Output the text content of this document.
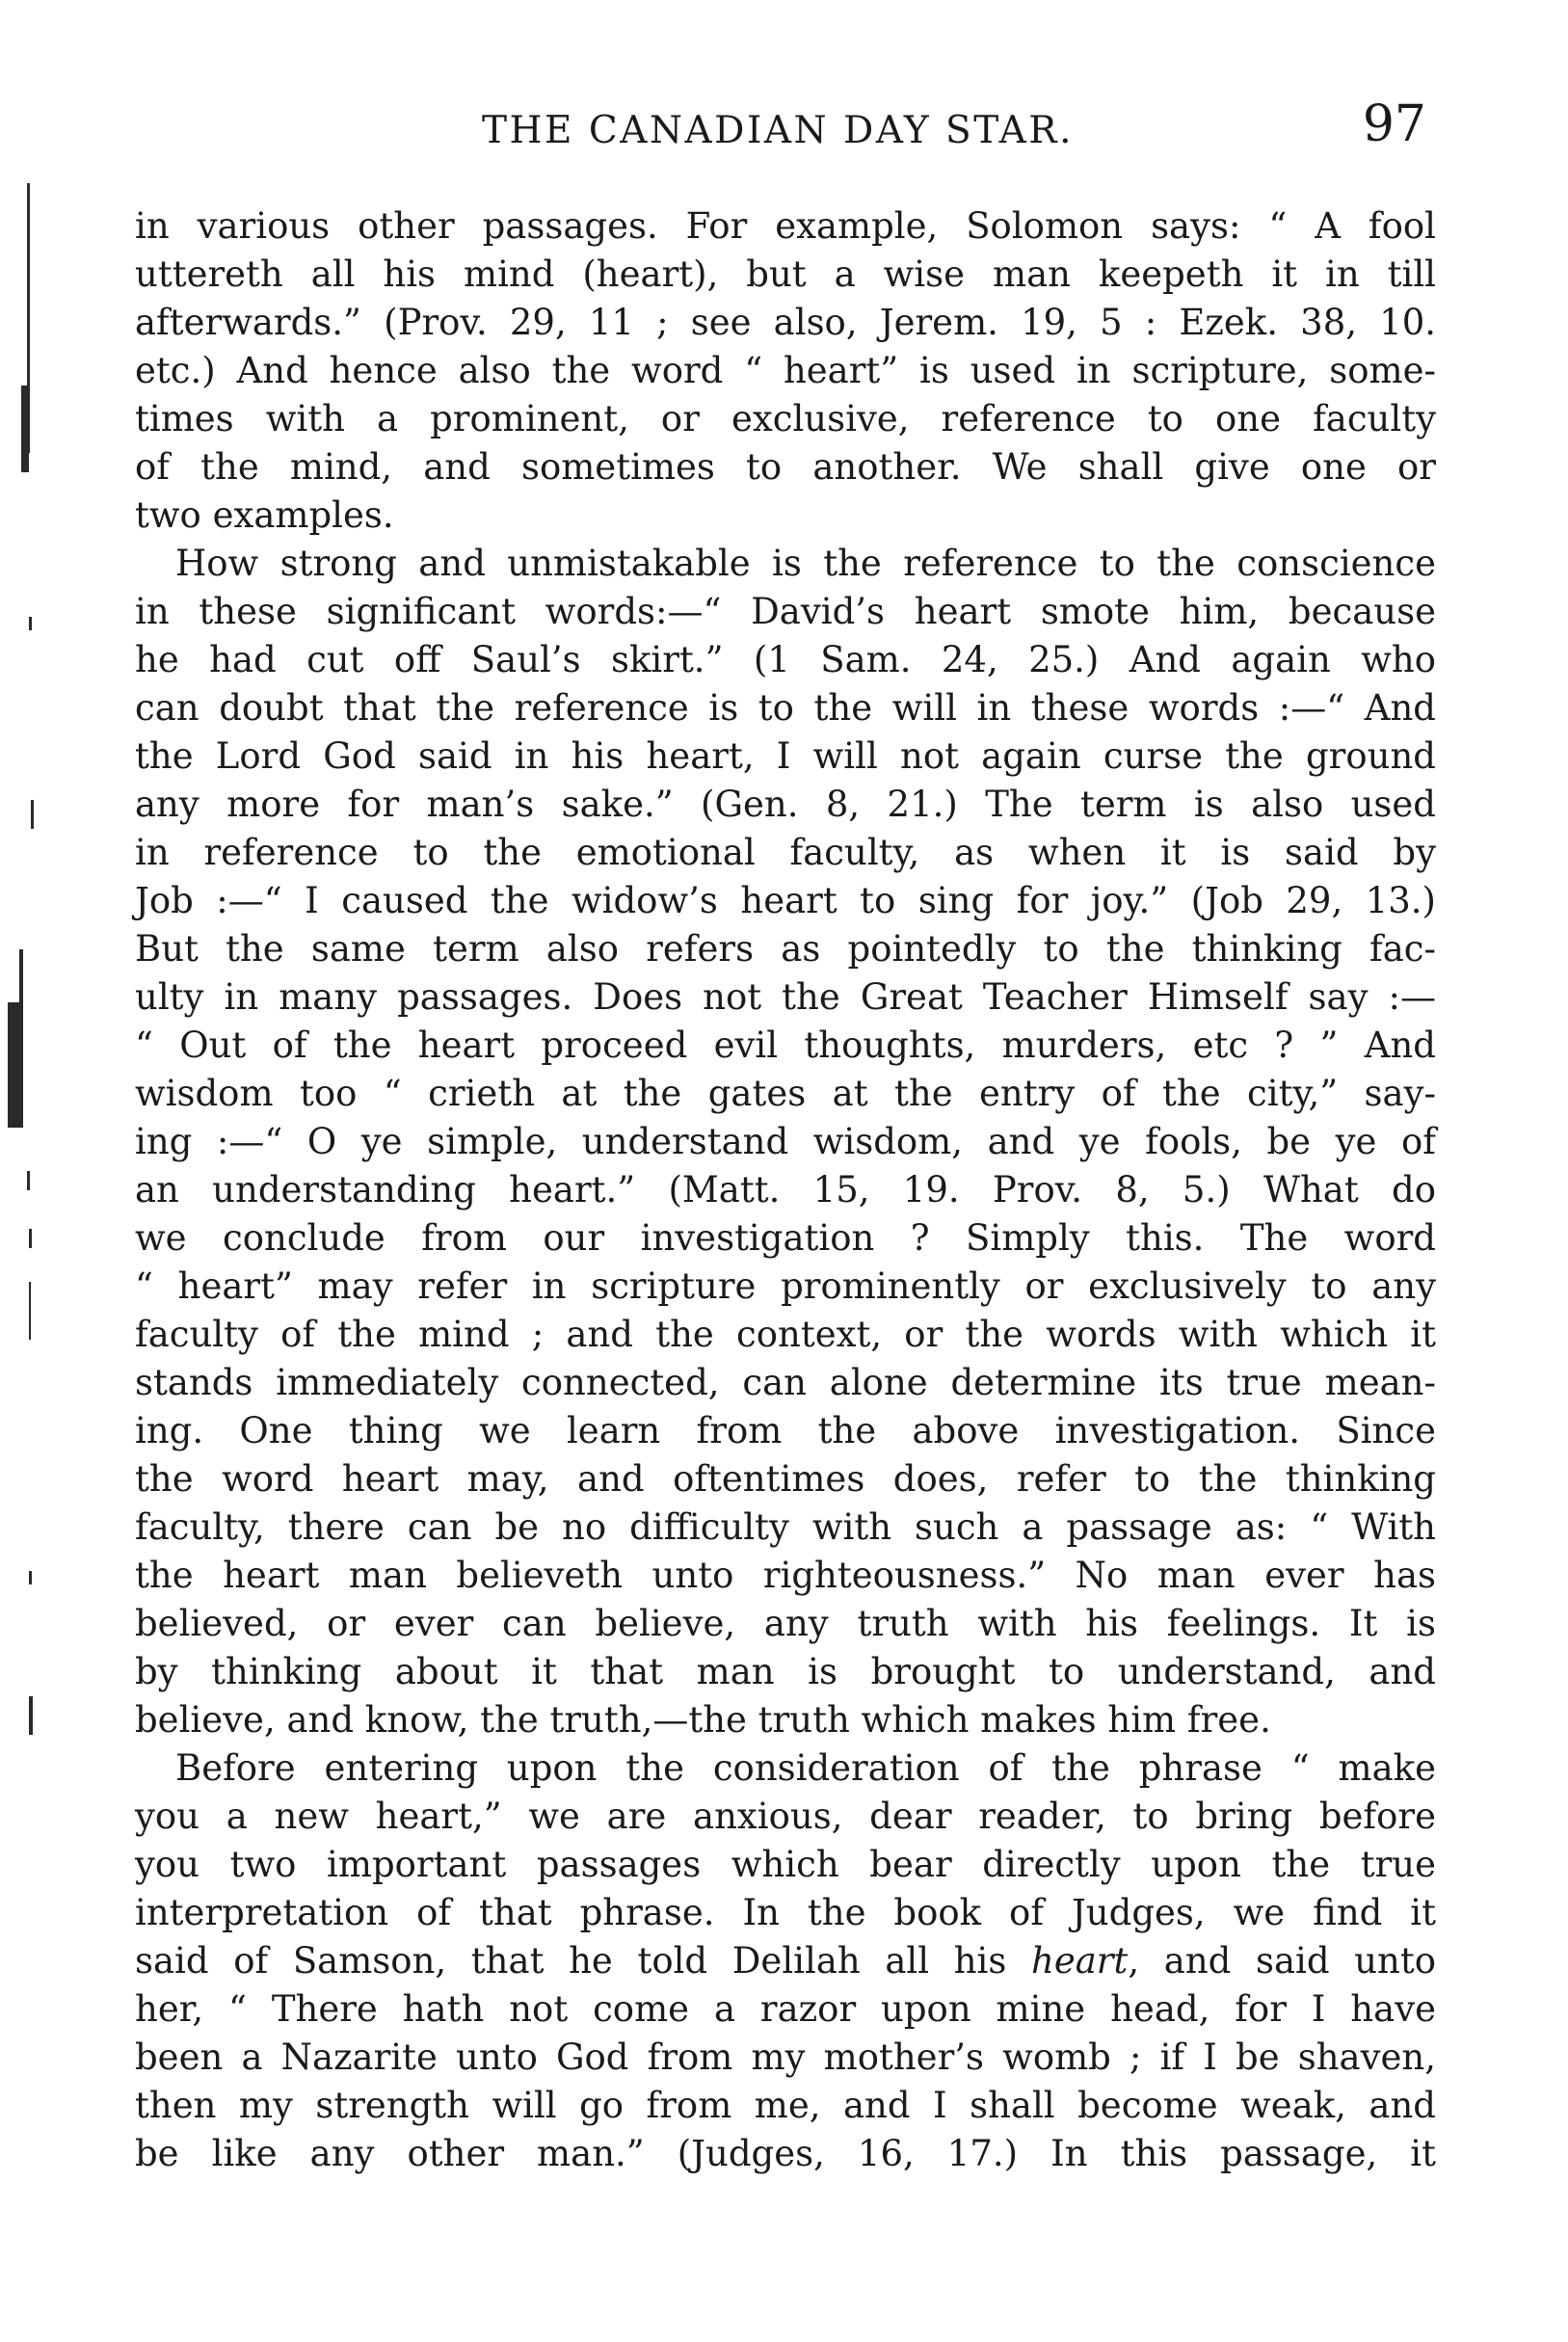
THE CANADIAN DAY STAR.	97
in various other passages. For example, Solomon says: “ A fool
uttereth all his mind (heart), but a wise man keepeth it in till
afterwards.” (Prov. 29, 11 ; see also, Jerem. 19, 5 : Ezek. 38, 10.
etc.) And hence also the word “ heart” is used in scripture, some-
times with a prominent, or exclusive, reference to one faculty
of the mind, and sometimes to another. We shall give one or
two examples.
How strong and unmistakable is the reference to the conscience
in these significant words:—“ David’s heart smote him, because
he had cut off Saul’s skirt.” (1 Sam. 24, 25.) And again who
can doubt that the reference is to the will in these words :—“ And
the Lord God said in his heart, I will not again curse the ground
any more for man’s sake.” (Gen. 8, 21.) The term is also used
in reference to the emotional faculty, as when it is said by
Job :—“ I caused the widow’s heart to sing for joy.” (Job 29, 13.)
But the same term also refers as pointedly to the thinking fac-
ulty in many passages. Does not the Great Teacher Himself say :—
“ Out of the heart proceed evil thoughts, murders, etc ? ” And
wisdom too “ crieth at the gates at the entry of the city,” say-
ing :—“ O ye simple, understand wisdom, and ye fools, be ye of
an understanding heart.” (Matt. 15, 19. Prov. 8, 5.) What do
we conclude from our investigation ? Simply this. The word
“ heart” may refer in scripture prominently or exclusively to any
faculty of the mind ; and the context, or the words with which it
stands immediately connected, can alone determine its true mean-
ing. One thing we learn from the above investigation. Since
the word heart may, and oftentimes does, refer to the thinking
faculty, there can be no difficulty with such a passage as: “ With
the heart man believeth unto righteousness.” No man ever has
believed, or ever can believe, any truth with his feelings. It is
by thinking about it that man is brought to understand, and
believe, and know, the truth,—the truth which makes him free.
Before entering upon the consideration of the phrase “ make
you a new heart,” we are anxious, dear reader, to bring before
you two important passages which bear directly upon the true
interpretation of that phrase. In the book of Judges, we find it
said of Samson, that he told Delilah all his heart, and said unto
her, “ There hath not come a razor upon mine head, for I have
been a Nazarite unto God from my mother’s womb ; if I be shaven,
then my strength will go from me, and I shall become weak, and
be like any other man.” (Judges, 16, 17.) In this passage, it
